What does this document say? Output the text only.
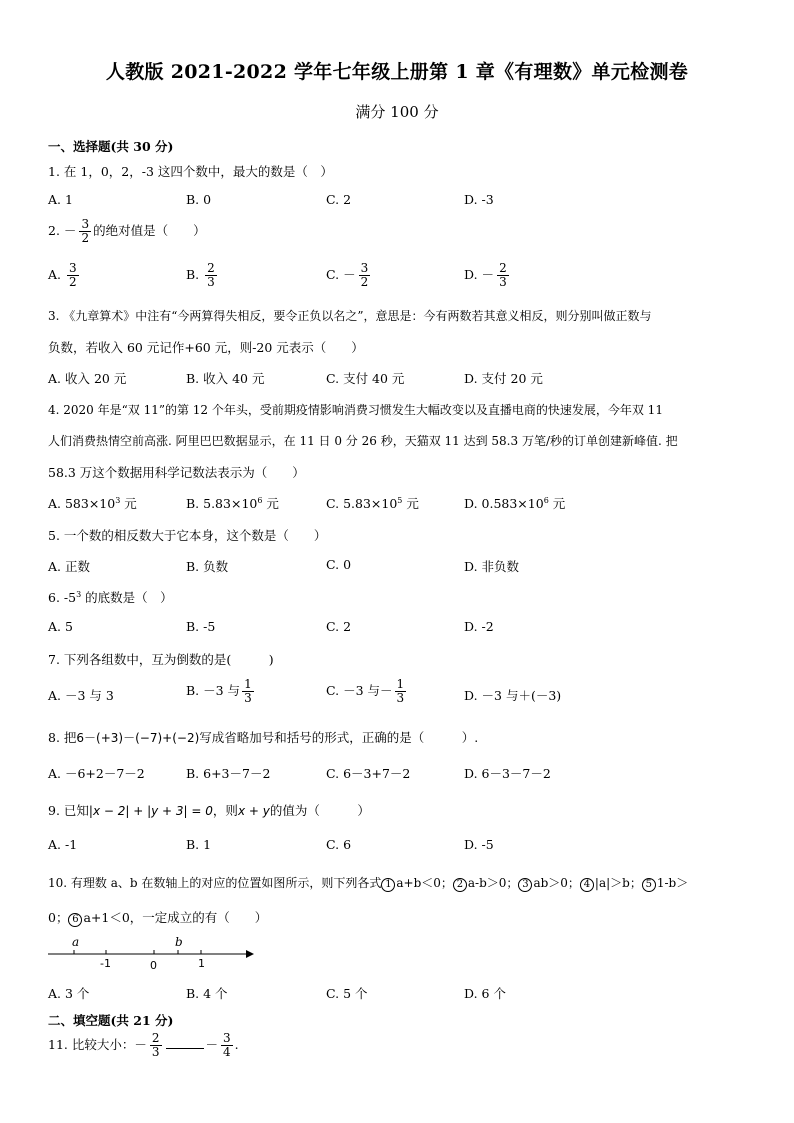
人教版 2021-2022 学年七年级上册第 1 章《有理数》单元检测卷
满分 100 分
一、选择题(共 30 分)
1. 在 1，0，2，-3 这四个数中，最大的数是（　）
A. 1	B. 0	C. 2	D. -3
2. － $\frac{3}{2}$ 的绝对值是（　　）
A. $\frac{3}{2}$	B. $\frac{2}{3}$	C. － $\frac{3}{2}$	D. － $\frac{2}{3}$
3. 《九章算术》中注有“今两算得失相反，要令正负以名之”，意思是：今有两数若其意义相反，则分别叫做正数与
负数，若收入 60 元记作+60 元，则-20 元表示（　　）
A. 收入 20 元	B. 收入 40 元	C. 支付 40 元	D. 支付 20 元
4. 2020 年是“双 11”的第 12 个年头，受前期疫情影响消费习惯发生大幅改变以及直播电商的快速发展，今年双 11
人们消费热情空前高涨. 阿里巴巴数据显示，在 11 日 0 分 26 秒，天猫双 11 达到 58.3 万笔/秒的订单创建新峰值. 把
58.3 万这个数据用科学记数法表示为（　　）
A. $583\times 10^3$ 元	B. $5.83\times 10^6$ 元	C. $5.83\times 10^5$ 元	D. $0.583\times 10^6$ 元
5. 一个数的相反数大于它本身，这个数是（　　）
A. 正数	B. 负数	C. 0	D. 非负数
6. $-5^3$ 的底数是（　）
A. 5	B. -5	C. 2	D. -2
7. 下列各组数中，互为倒数的是(　　　)
A. －3 与 3	B. －3 与 $\frac{1}{3}$	C. －3 与－ $\frac{1}{3}$	D. －3 与＋(－3)
8. 把6－(+3)－(−7)+(−2)写成省略加号和括号的形式，正确的是（　　　）.
A. －6+2－7－2	B. 6+3－7－2	C. 6－3+7－2	D. 6－3－7－2
9. 已知|x − 2| + |y + 3| = 0，则x + y的值为（　　　）
A. -1	B. 1	C. 6	D. -5
10. 有理数 a、b 在数轴上的对应的位置如图所示，则下列各式 1 a+b＜0； 2 a-b＞0； 3 ab＞0； 4 |a|＞b； 5 1-b＞
0； 6 a+1＜0，一定成立的有（　　）
a	b
-1	0	1
A. 3 个	B. 4 个	C. 5 个	D. 6 个
二、填空题(共 21 分)
11. 比较大小：－ $\frac{2}{3}$	－ $\frac{3}{4}$ .
